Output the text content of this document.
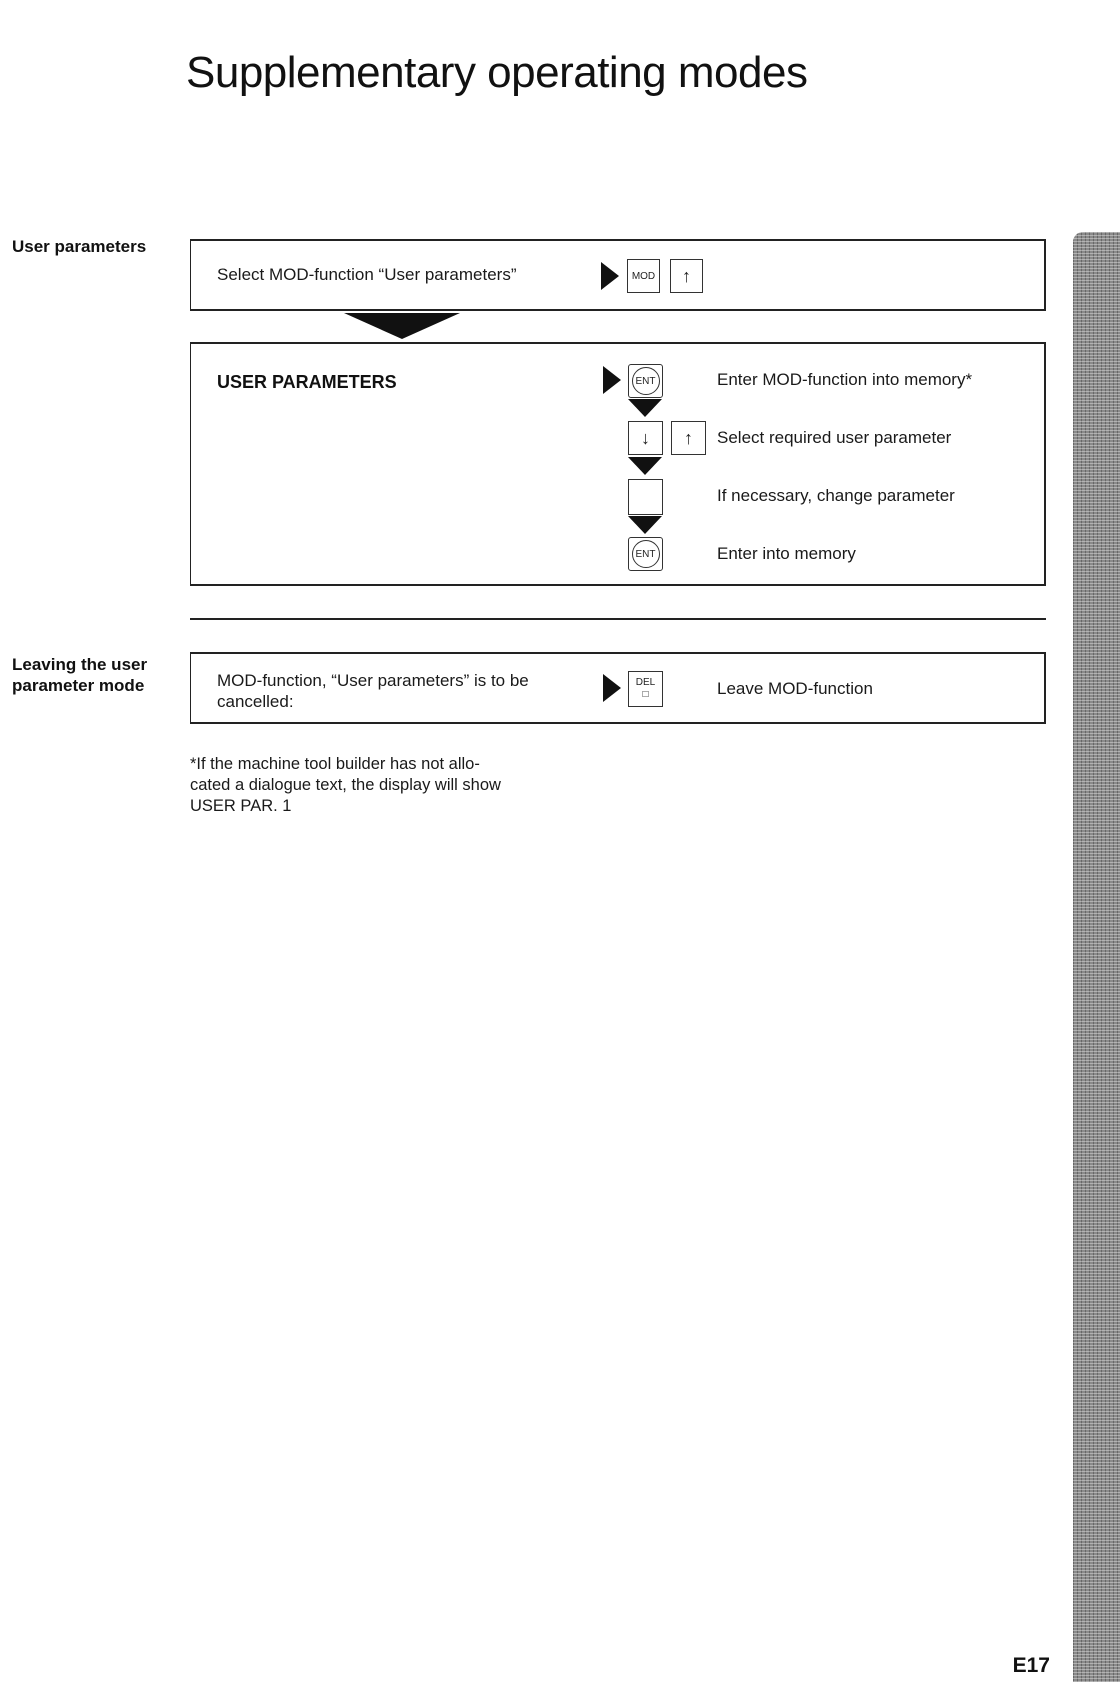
Supplementary operating modes
User parameters
Select MOD-function “User parameters”	MOD	↑
USER PARAMETERS	ENT	Enter MOD-function into memory*
↓	↑	Select required user parameter
If necessary, change parameter
ENT	Enter into memory
Leaving the user
parameter mode	MOD-function, “User parameters” is to be
cancelled:
DEL
□	Leave MOD-function
*If the machine tool builder has not allo-
cated a dialogue text, the display will show
USER PAR. 1
E17
